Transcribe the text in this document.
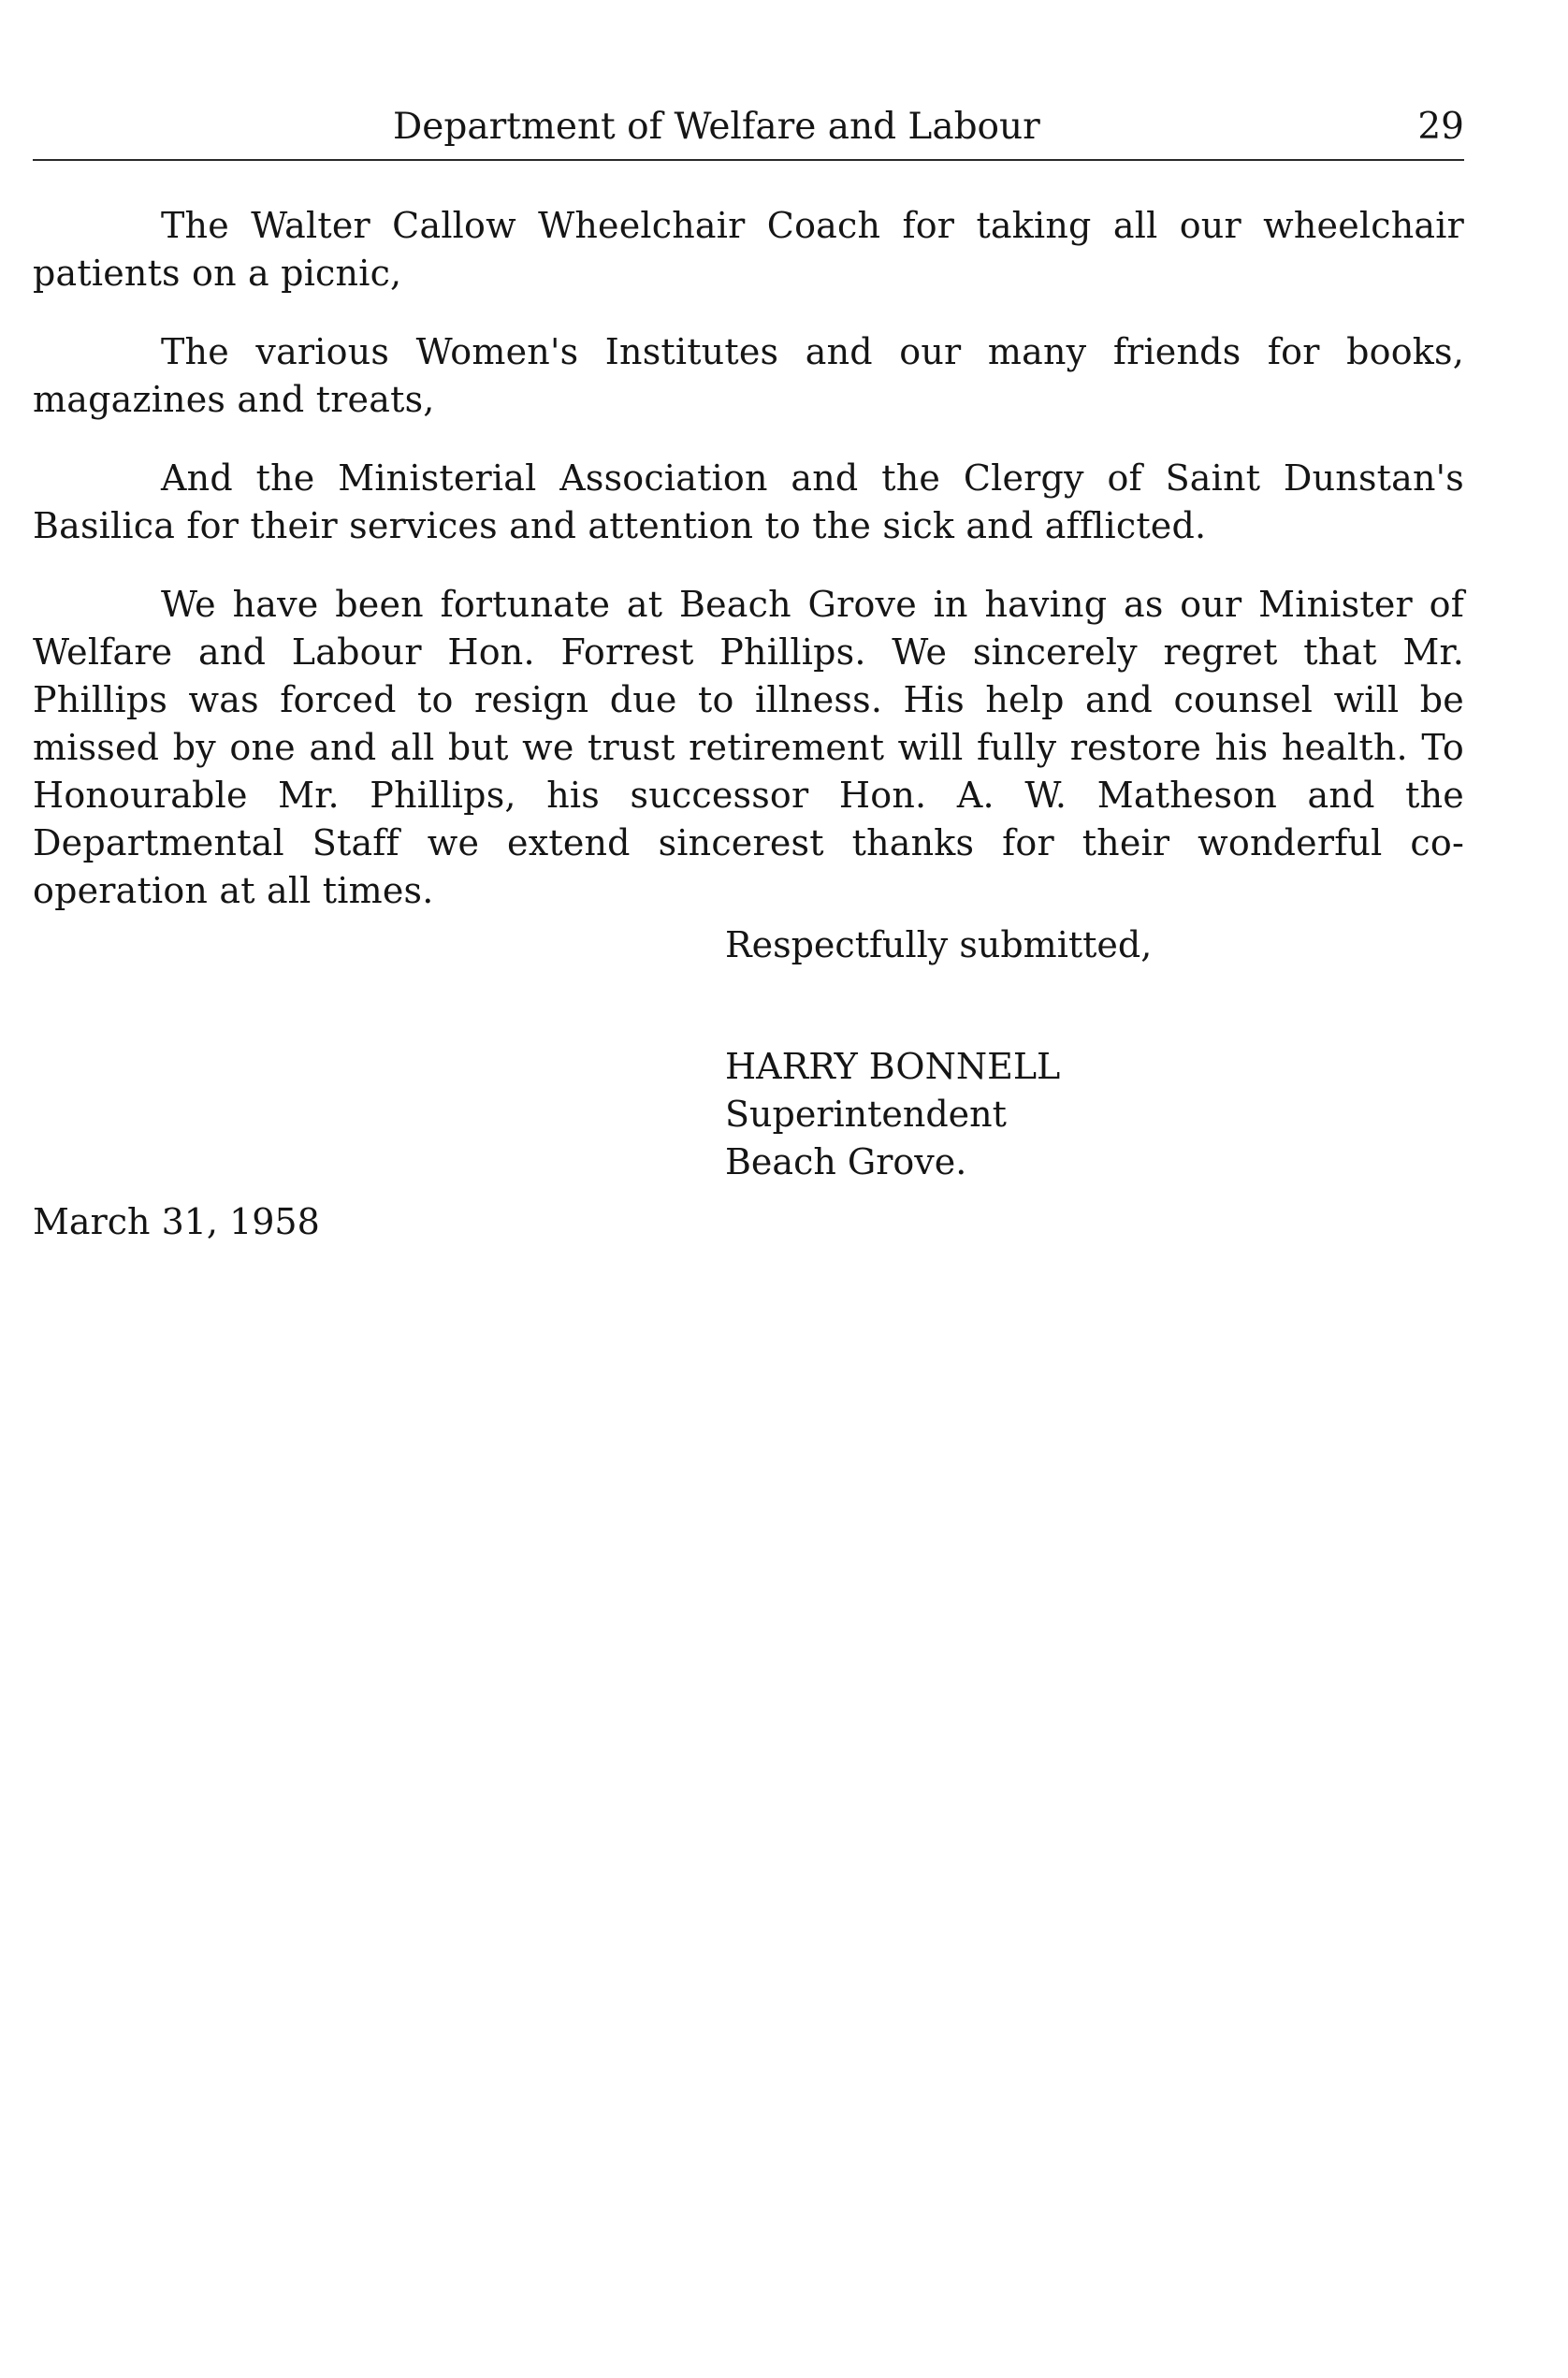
Department of Welfare and Labour	29

The Walter Callow Wheelchair Coach for taking all our wheelchair patients on a picnic,

The various Women's Institutes and our many friends for books, magazines and treats,

And the Ministerial Association and the Clergy of Saint Dunstan's Basilica for their services and attention to the sick and afflicted.

We have been fortunate at Beach Grove in having as our Minister of Welfare and Labour Hon. Forrest Phillips. We sincerely regret that Mr. Phillips was forced to resign due to illness. His help and counsel will be missed by one and all but we trust retirement will fully restore his health. To Honourable Mr. Phillips, his successor Hon. A. W. Matheson and the Departmental Staff we extend sincerest thanks for their wonderful co-operation at all times.

Respectfully submitted,
HARRY BONNELL
Superintendent
Beach Grove.
March 31, 1958
